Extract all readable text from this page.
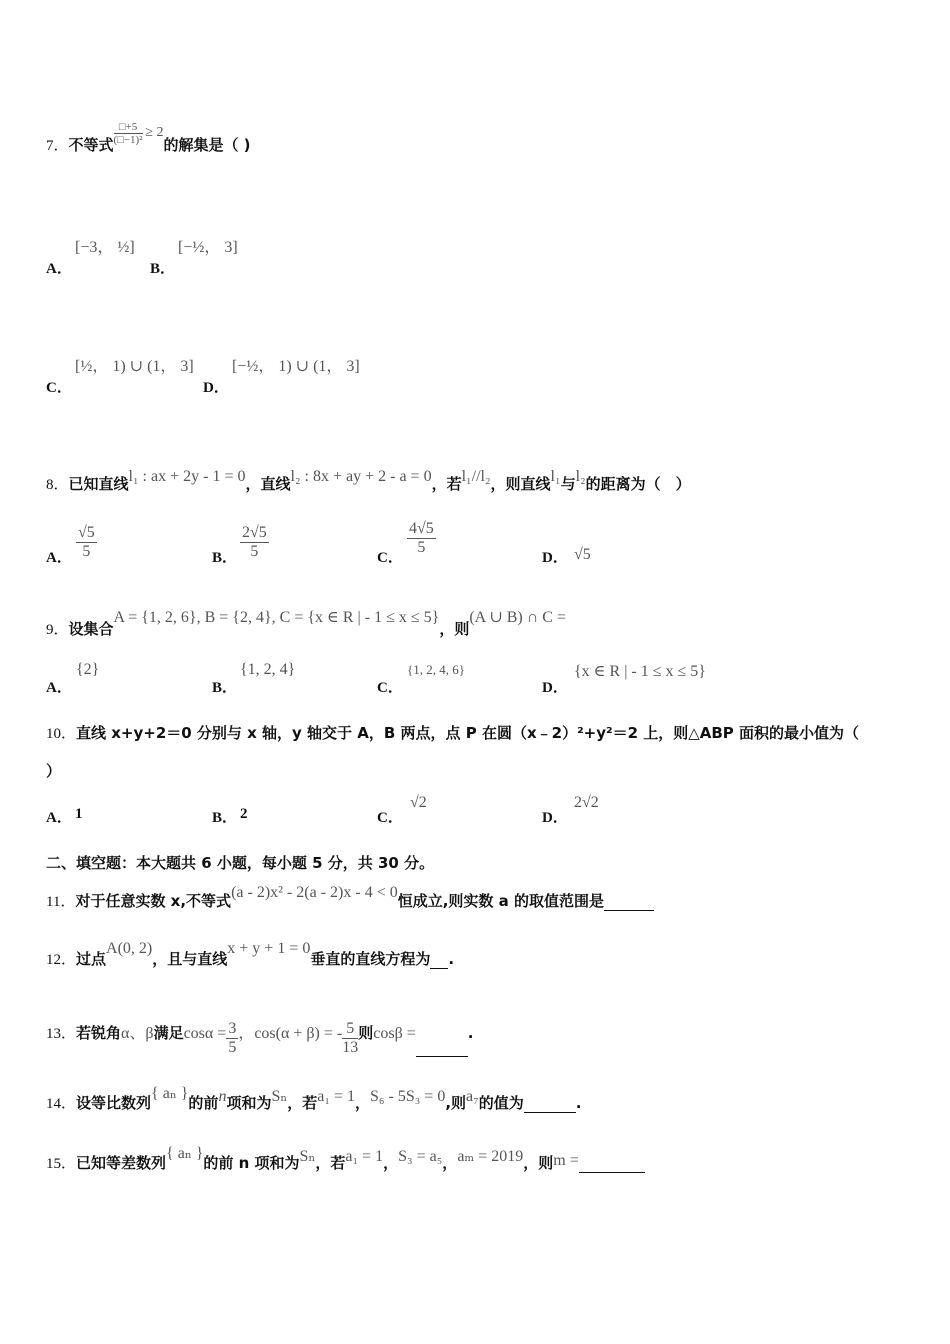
7．不等式 $^{\frac{□+5}{\text{(□−1)²}} \ge 2}$的解集是（ )
A．
[−3， ½]
B．
[−½， 3]
C．
[½， 1) ∪ (1， 3]
D．
[−½， 1) ∪ (1， 3]
8．已知直线l₁ : ax + 2y - 1 = 0，直线l₂ : 8x + ay + 2 - a = 0，若l₁//l₂，则直线l₁与l₂的距离为（　）
A． $\frac{√5}{5}$	B． $\frac{2√5}{5}$	C．
$\frac{4√5}{5}$
D． √5
9．设集合A = {1, 2, 6}, B = {2, 4}, C = {x ∈ R | - 1 ≤ x ≤ 5}，则(A ∪ B) ∩ C =
A．
{2}
B．
{1, 2, 4}
C．
{1, 2, 4, 6}
D．
{x ∈ R | - 1 ≤ x ≤ 5}
10．直线 x+y+2＝0 分别与 x 轴，y 轴交于 A，B 两点，点 P 在圆（x﹣2）²+y²＝2 上，则△ABP 面积的最小值为（
）
A． 1	B． 2	C．
√2
D．
2√2
二、填空题：本大题共 6 小题，每小题 5 分，共 30 分。
11．对于任意实数 x,不等式(a - 2)x² - 2(a - 2)x - 4 < 0恒成立,则实数 a 的取值范围是
12．过点A(0, 2)，且与直线x + y + 1 = 0垂直的直线方程为 .
13．若锐角α、β满足$\cos\alpha = \frac{3}{5}$ ，cos(α + β) = - $\frac{5}{13}$ 则cosβ =	.
14．设等比数列{ aₙ }的前n项和为Sₙ，若a₁ = 1，S₆ - 5S₃ = 0,则a₇的值为	.
15．已知等差数列{ aₙ }的前 n 项和为Sₙ，若a₁ = 1，S₃ = a₅，aₘ = 2019，则m =
